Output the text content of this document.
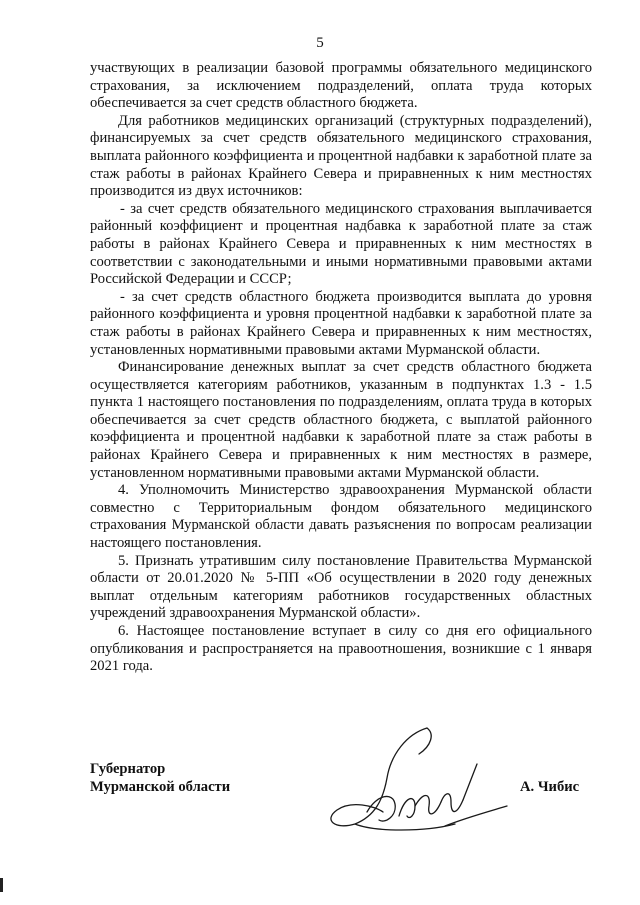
5

участвующих в реализации базовой программы обязательного медицинского страхования, за исключением подразделений, оплата труда которых обеспечивается за счет средств областного бюджета.

Для работников медицинских организаций (структурных подразделений), финансируемых за счет средств обязательного медицинского страхования, выплата районного коэффициента и процентной надбавки к заработной плате за стаж работы в районах Крайнего Севера и приравненных к ним местностях производится из двух источников:

- за счет средств обязательного медицинского страхования выплачивается районный коэффициент и процентная надбавка к заработной плате за стаж работы в районах Крайнего Севера и приравненных к ним местностях в соответствии с законодательными и иными нормативными правовыми актами Российской Федерации и СССР;

- за счет средств областного бюджета производится выплата до уровня районного коэффициента и уровня процентной надбавки к заработной плате за стаж работы в районах Крайнего Севера и приравненных к ним местностях, установленных нормативными правовыми актами Мурманской области.

Финансирование денежных выплат за счет средств областного бюджета осуществляется категориям работников, указанным в подпунктах 1.3 - 1.5 пункта 1 настоящего постановления по подразделениям, оплата труда в которых обеспечивается за счет средств областного бюджета, с выплатой районного коэффициента и процентной надбавки к заработной плате за стаж работы в районах Крайнего Севера и приравненных к ним местностях в размере, установленном нормативными правовыми актами Мурманской области.

4. Уполномочить Министерство здравоохранения Мурманской области совместно с Территориальным фондом обязательного медицинского страхования Мурманской области давать разъяснения по вопросам реализации настоящего постановления.

5. Признать утратившим силу постановление Правительства Мурманской области от 20.01.2020 № 5-ПП «Об осуществлении в 2020 году денежных выплат отдельным категориям работников государственных областных учреждений здравоохранения Мурманской области».

6. Настоящее постановление вступает в силу со дня его официального опубликования и распространяется на правоотношения, возникшие с 1 января 2021 года.

Губернатор
Мурманской области	А. Чибис
